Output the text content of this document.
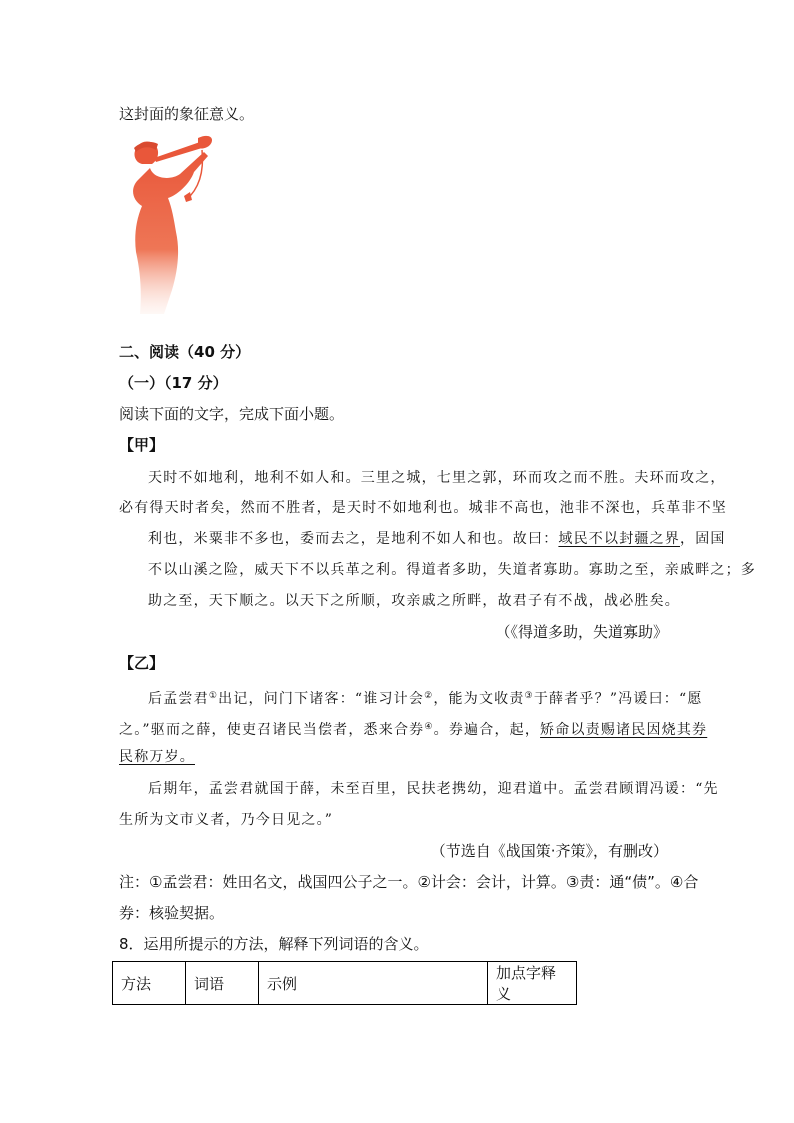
这封面的象征意义。
二、阅读（40 分）
（一）（17 分）
阅读下面的文字，完成下面小题。
【甲】
天时不如地利，地利不如人和。三里之城，七里之郭，环而攻之而不胜。夫环而攻之，
必有得天时者矣，然而不胜者，是天时不如地利也。城非不高也，池非不深也，兵革非不坚
利也，米粟非不多也，委而去之，是地利不如人和也。故曰：域民不以封疆之界，固国
不以山溪之险，威天下不以兵革之利。得道者多助，失道者寡助。寡助之至，亲戚畔之；多
助之至，天下顺之。以天下之所顺，攻亲戚之所畔，故君子有不战，战必胜矣。
（《得道多助，失道寡助》
【乙】
后孟尝君①出记，问门下诸客：“谁习计会②，能为文收责③于薛者乎？”冯谖曰：“愿
之。”驱而之薛，使吏召诸民当偿者，悉来合券④。券遍合，起，矫命以责赐诸民因烧其券
民称万岁。
后期年，孟尝君就国于薛，未至百里，民扶老携幼，迎君道中。孟尝君顾谓冯谖：“先
生所为文市义者，乃今日见之。”
（节选自《战国策·齐策》，有删改）
注：①孟尝君：姓田名文，战国四公子之一。②计会：会计，计算。③责：通“债”。④合
券：核验契据。
8．运用所提示的方法，解释下列词语的含义。
方法	词语	示例	加点字释义
